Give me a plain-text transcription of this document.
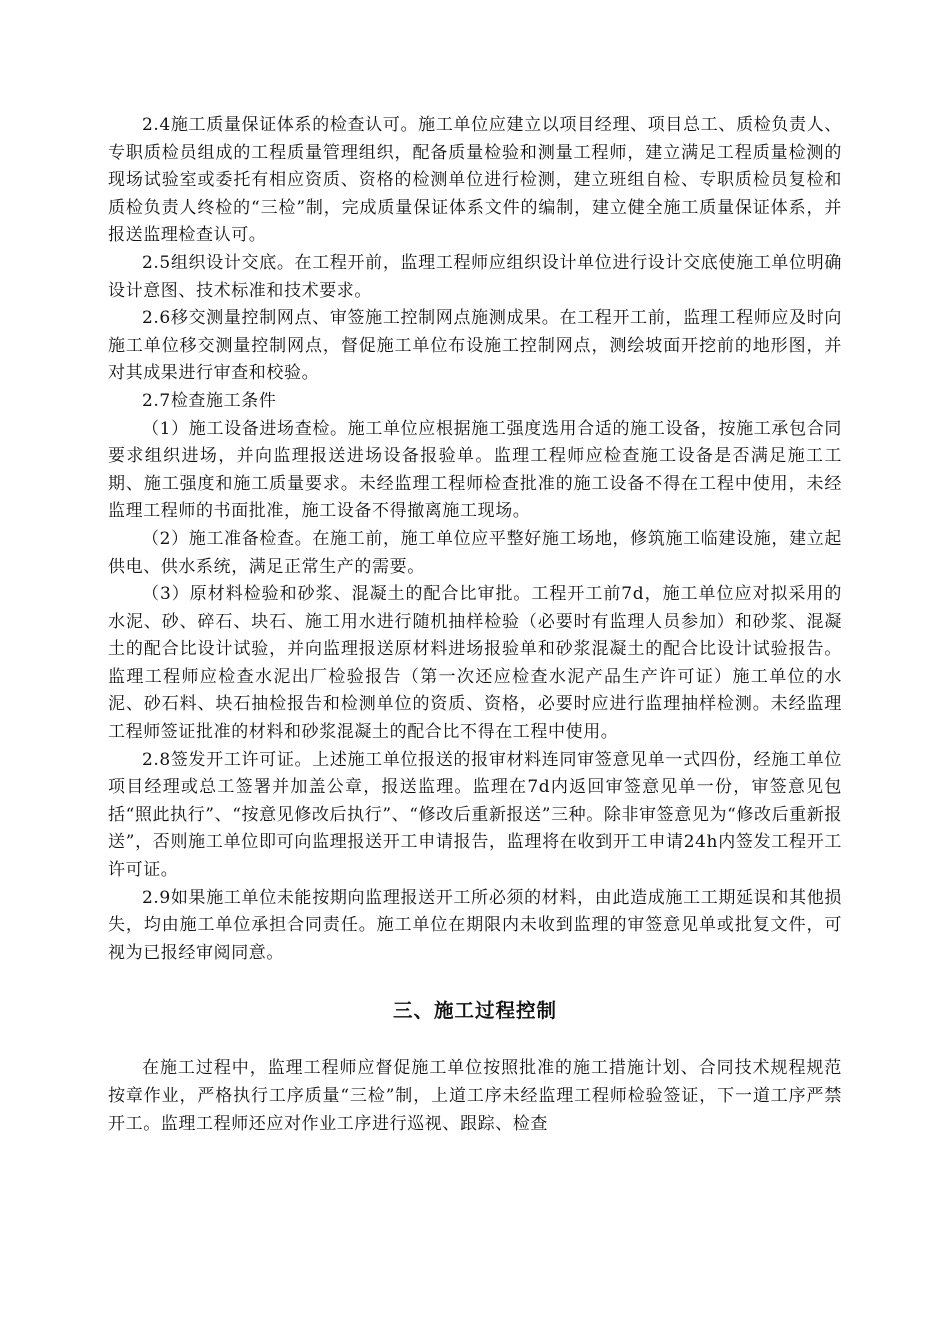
2.4施工质量保证体系的检查认可。施工单位应建立以项目经理、项目总工、质检负责人、专职质检员组成的工程质量管理组织，配备质量检验和测量工程师，建立满足工程质量检测的现场试验室或委托有相应资质、资格的检测单位进行检测，建立班组自检、专职质检员复检和质检负责人终检的“三检”制，完成质量保证体系文件的编制，建立健全施工质量保证体系，并报送监理检查认可。

2.5组织设计交底。在工程开前，监理工程师应组织设计单位进行设计交底使施工单位明确设计意图、技术标准和技术要求。

2.6移交测量控制网点、审签施工控制网点施测成果。在工程开工前，监理工程师应及时向施工单位移交测量控制网点，督促施工单位布设施工控制网点，测绘坡面开挖前的地形图，并对其成果进行审查和校验。

2.7检查施工条件

（1）施工设备进场查检。施工单位应根据施工强度选用合适的施工设备，按施工承包合同要求组织进场，并向监理报送进场设备报验单。监理工程师应检查施工设备是否满足施工工期、施工强度和施工质量要求。未经监理工程师检查批准的施工设备不得在工程中使用，未经监理工程师的书面批准，施工设备不得撤离施工现场。

（2）施工准备检查。在施工前，施工单位应平整好施工场地，修筑施工临建设施，建立起供电、供水系统，满足正常生产的需要。

（3）原材料检验和砂浆、混凝土的配合比审批。工程开工前7d，施工单位应对拟采用的水泥、砂、碎石、块石、施工用水进行随机抽样检验（必要时有监理人员参加）和砂浆、混凝土的配合比设计试验，并向监理报送原材料进场报验单和砂浆混凝土的配合比设计试验报告。监理工程师应检查水泥出厂检验报告（第一次还应检查水泥产品生产许可证）施工单位的水泥、砂石料、块石抽检报告和检测单位的资质、资格，必要时应进行监理抽样检测。未经监理工程师签证批准的材料和砂浆混凝土的配合比不得在工程中使用。

2.8签发开工许可证。上述施工单位报送的报审材料连同审签意见单一式四份，经施工单位项目经理或总工签署并加盖公章，报送监理。监理在7d内返回审签意见单一份，审签意见包括“照此执行”、“按意见修改后执行”、“修改后重新报送”三种。除非审签意见为“修改后重新报送”，否则施工单位即可向监理报送开工申请报告，监理将在收到开工申请24h内签发工程开工许可证。

2.9如果施工单位未能按期向监理报送开工所必须的材料，由此造成施工工期延误和其他损失，均由施工单位承担合同责任。施工单位在期限内未收到监理的审签意见单或批复文件，可视为已报经审阅同意。

三、施工过程控制

在施工过程中，监理工程师应督促施工单位按照批准的施工措施计划、合同技术规程规范按章作业，严格执行工序质量“三检”制，上道工序未经监理工程师检验签证，下一道工序严禁开工。监理工程师还应对作业工序进行巡视、跟踪、检查
